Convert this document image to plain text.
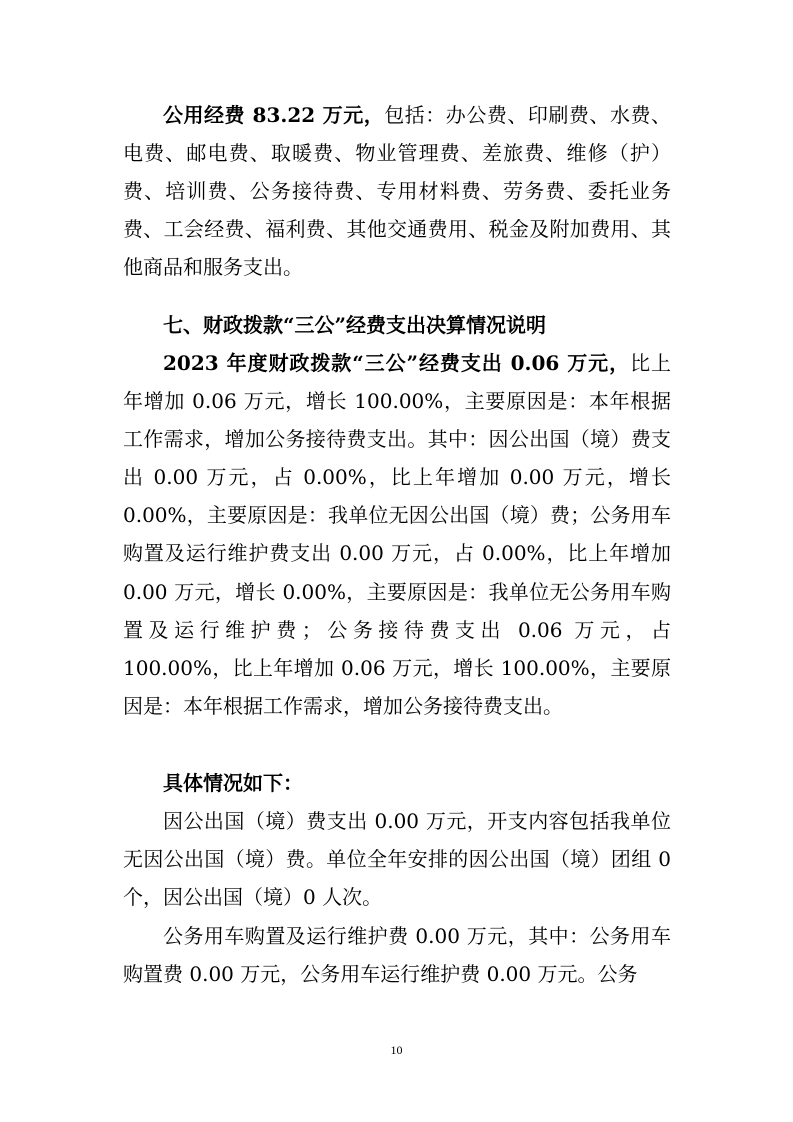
公用经费 83.22 万元，包括：办公费、印刷费、水费、电费、邮电费、取暖费、物业管理费、差旅费、维修（护）费、培训费、公务接待费、专用材料费、劳务费、委托业务费、工会经费、福利费、其他交通费用、税金及附加费用、其他商品和服务支出。

七、财政拨款“三公”经费支出决算情况说明

2023 年度财政拨款“三公”经费支出 0.06 万元，比上年增加 0.06 万元，增长 100.00%，主要原因是：本年根据工作需求，增加公务接待费支出。其中：因公出国（境）费支出 0.00 万元，占 0.00%，比上年增加 0.00 万元，增长 0.00%，主要原因是：我单位无因公出国（境）费；公务用车购置及运行维护费支出 0.00 万元，占 0.00%，比上年增加 0.00 万元，增长 0.00%，主要原因是：我单位无公务用车购置及运行维护费；公务接待费支出 0.06 万元，占 100.00%，比上年增加 0.06 万元，增长 100.00%，主要原因是：本年根据工作需求，增加公务接待费支出。

具体情况如下：

因公出国（境）费支出 0.00 万元，开支内容包括我单位无因公出国（境）费。单位全年安排的因公出国（境）团组 0 个，因公出国（境）0 人次。

公务用车购置及运行维护费 0.00 万元，其中：公务用车购置费 0.00 万元，公务用车运行维护费 0.00 万元。公务

10
